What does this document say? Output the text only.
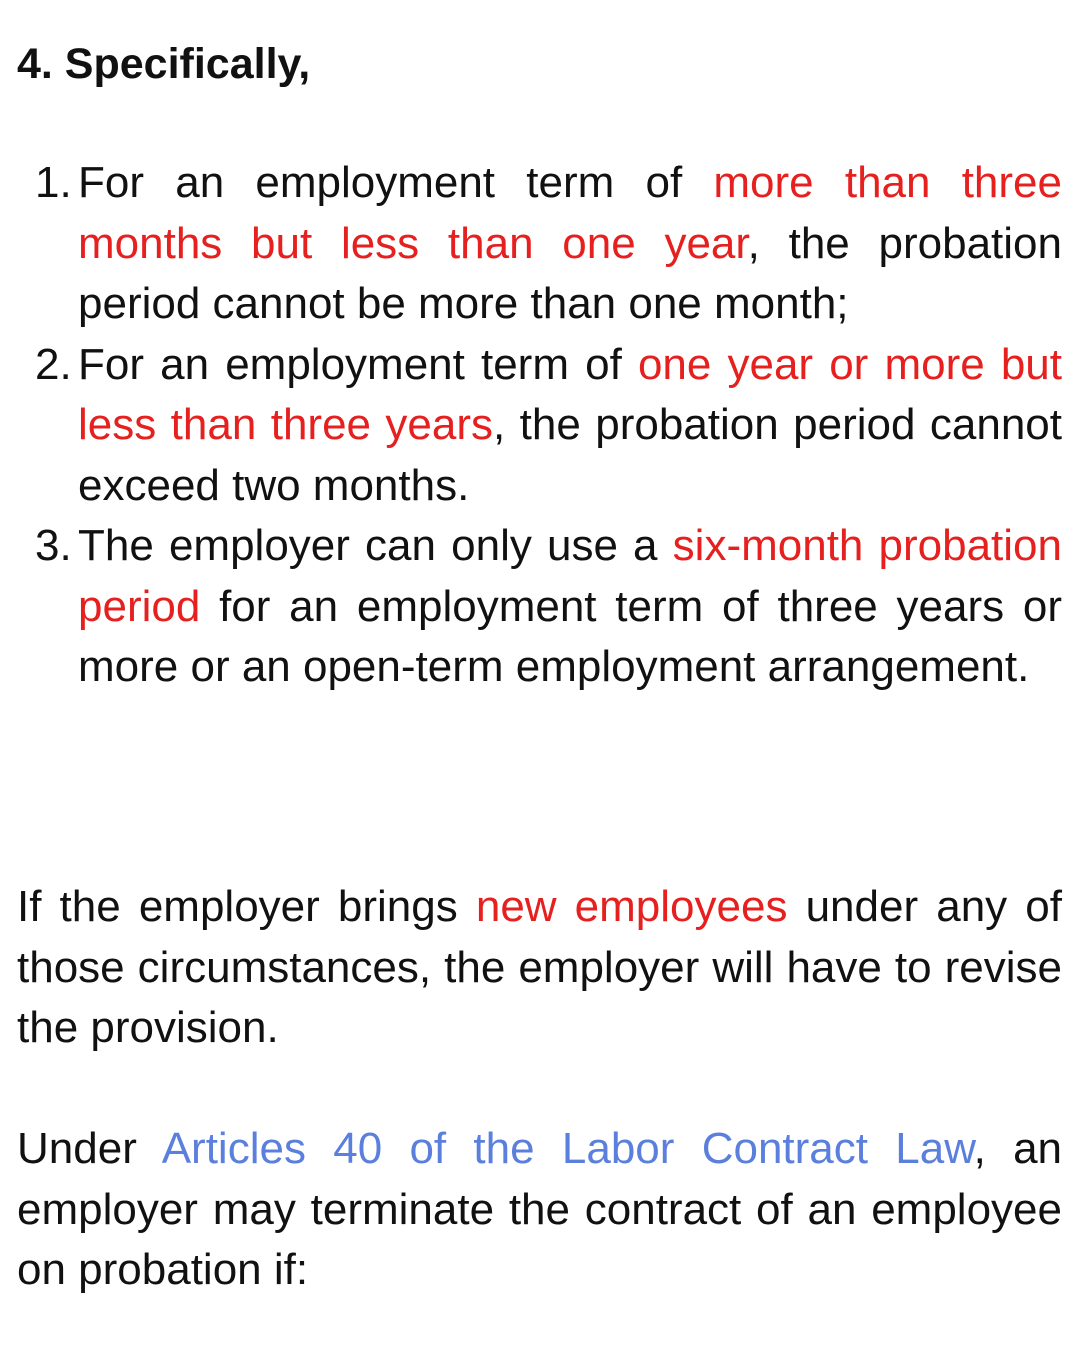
4. Specifically,
1. For an employment term of more than three months but less than one year, the probation period cannot be more than one month;

2. For an employment term of one year or more but less than three years, the probation period cannot exceed two months.

3. The employer can only use a six-month probation period for an employment term of three years or more or an open-term employment arrangement.

If the employer brings new employees under any of those circumstances, the employer will have to revise the provision.

Under Articles 40 of the Labor Contract Law, an employer may terminate the contract of an employee on probation if:
